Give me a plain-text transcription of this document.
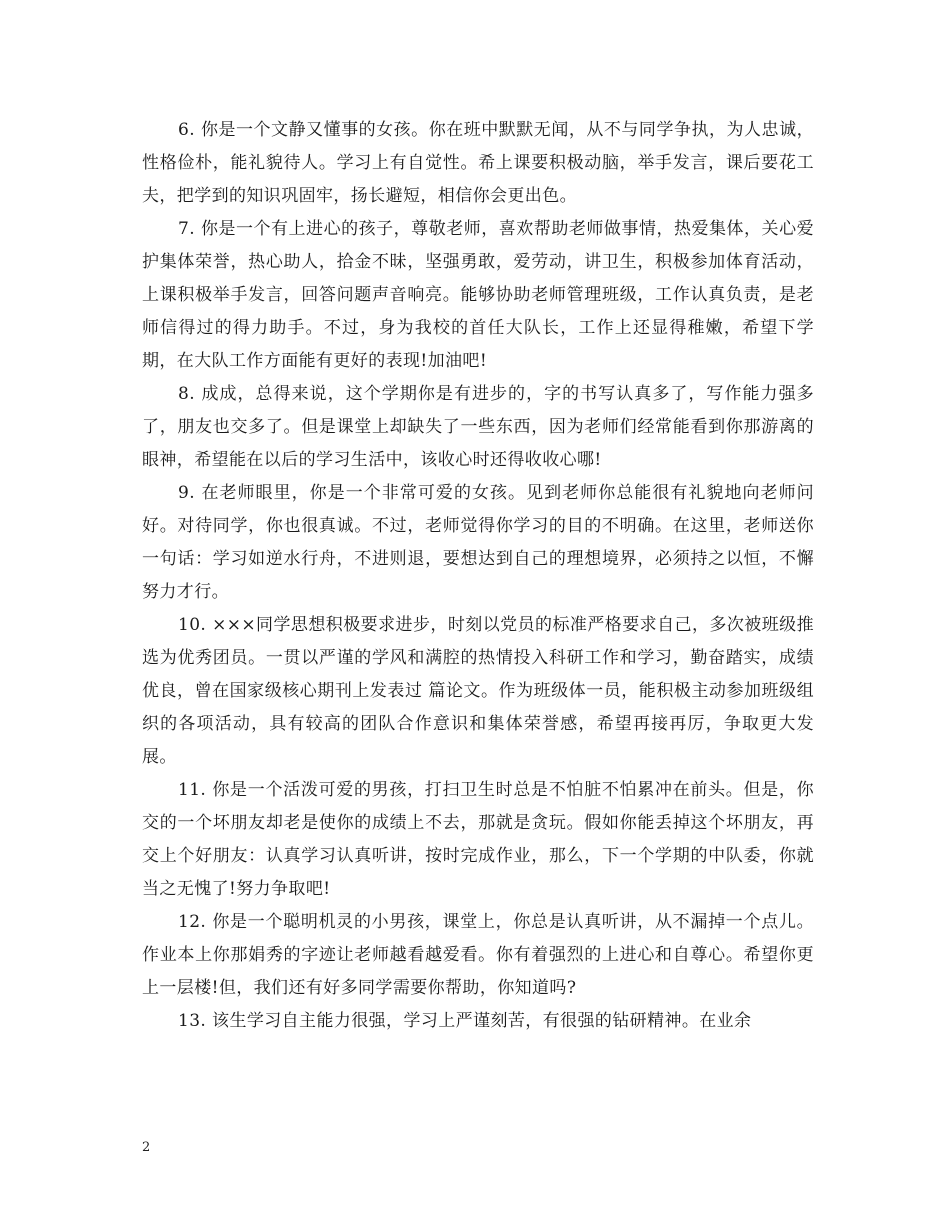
6. 你是一个文静又懂事的女孩。你在班中默默无闻，从不与同学争执，为人忠诚，性格俭朴，能礼貌待人。学习上有自觉性。希上课要积极动脑，举手发言，课后要花工夫，把学到的知识巩固牢，扬长避短，相信你会更出色。

7. 你是一个有上进心的孩子，尊敬老师，喜欢帮助老师做事情，热爱集体，关心爱护集体荣誉，热心助人，拾金不昧，坚强勇敢，爱劳动，讲卫生，积极参加体育活动，上课积极举手发言，回答问题声音响亮。能够协助老师管理班级，工作认真负责，是老师信得过的得力助手。不过，身为我校的首任大队长，工作上还显得稚嫩，希望下学期，在大队工作方面能有更好的表现!加油吧!

8. 成成，总得来说，这个学期你是有进步的，字的书写认真多了，写作能力强多了，朋友也交多了。但是课堂上却缺失了一些东西，因为老师们经常能看到你那游离的眼神，希望能在以后的学习生活中，该收心时还得收收心哪!

9. 在老师眼里，你是一个非常可爱的女孩。见到老师你总能很有礼貌地向老师问好。对待同学，你也很真诚。不过，老师觉得你学习的目的不明确。在这里，老师送你一句话：学习如逆水行舟，不进则退，要想达到自己的理想境界，必须持之以恒，不懈努力才行。

10. ×××同学思想积极要求进步，时刻以党员的标准严格要求自己，多次被班级推选为优秀团员。一贯以严谨的学风和满腔的热情投入科研工作和学习，勤奋踏实，成绩优良，曾在国家级核心期刊上发表过 篇论文。作为班级体一员，能积极主动参加班级组织的各项活动，具有较高的团队合作意识和集体荣誉感，希望再接再厉，争取更大发展。

11. 你是一个活泼可爱的男孩，打扫卫生时总是不怕脏不怕累冲在前头。但是，你交的一个坏朋友却老是使你的成绩上不去，那就是贪玩。假如你能丢掉这个坏朋友，再交上个好朋友：认真学习认真听讲，按时完成作业，那么，下一个学期的中队委，你就当之无愧了!努力争取吧!

12. 你是一个聪明机灵的小男孩，课堂上，你总是认真听讲，从不漏掉一个点儿。作业本上你那娟秀的字迹让老师越看越爱看。你有着强烈的上进心和自尊心。希望你更上一层楼!但，我们还有好多同学需要你帮助，你知道吗?

13. 该生学习自主能力很强，学习上严谨刻苦，有很强的钻研精神。在业余

2
